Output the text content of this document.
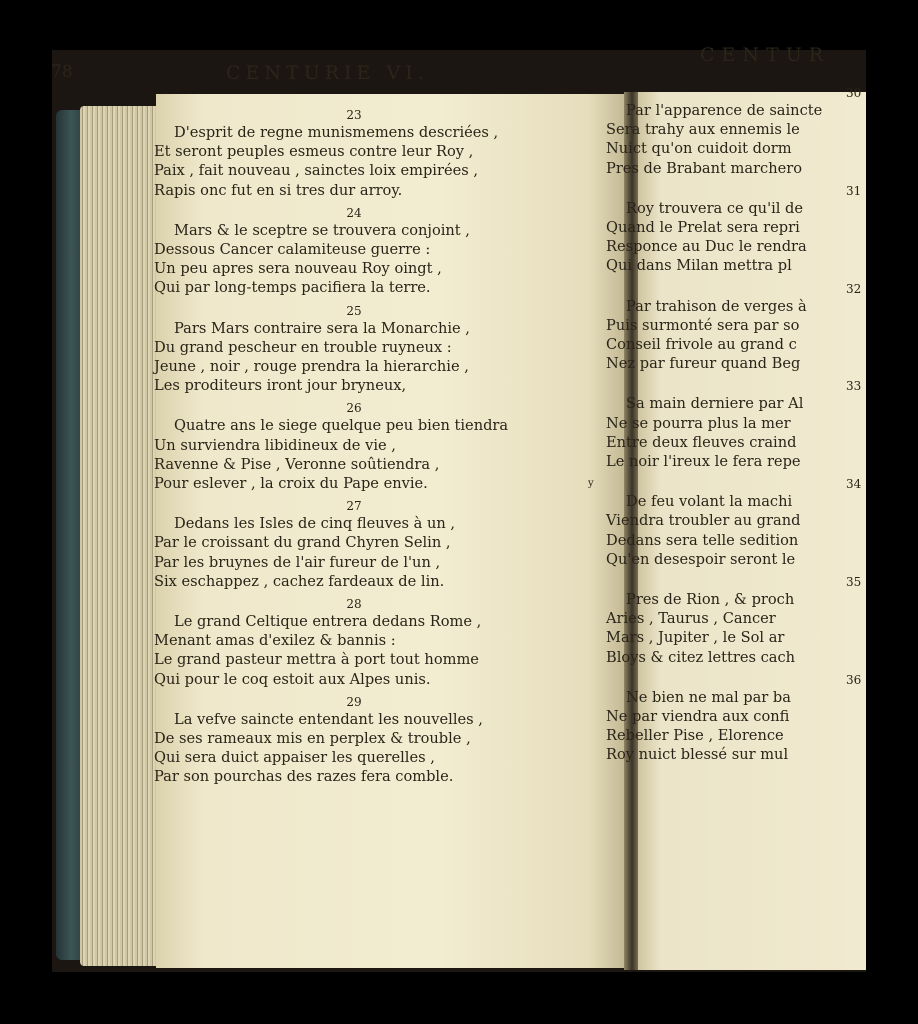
78	CENTURIE VI.
CENTUR
23
D'esprit de regne munismemens descriées ,
Et seront peuples esmeus contre leur Roy ,
Paix , fait nouveau , sainctes loix empirées ,
Rapis onc fut en si tres dur arroy.
24
Mars & le sceptre se trouvera conjoint ,
Dessous Cancer calamiteuse guerre :
Un peu apres sera nouveau Roy oingt ,
Qui par long-temps pacifiera la terre.
25
Pars Mars contraire sera la Monarchie ,
Du grand pescheur en trouble ruyneux :
Jeune , noir , rouge prendra la hierarchie ,
Les proditeurs iront jour bryneux,
26
Quatre ans le siege quelque peu bien tiendra
Un surviendra libidineux de vie ,
Ravenne & Pise , Veronne soûtiendra ,
Pour eslever , la croix du Pape envie.
27
Dedans les Isles de cinq fleuves à un ,
Par le croissant du grand Chyren Selin ,
Par les bruynes de l'air fureur de l'un ,
Six eschappez , cachez fardeaux de lin.
28
Le grand Celtique entrera dedans Rome ,
Menant amas d'exilez & bannis :
Le grand pasteur mettra à port tout homme
Qui pour le coq estoit aux Alpes unis.
29
La vefve saincte entendant les nouvelles ,
De ses rameaux mis en perplex & trouble ,
Qui sera duict appaiser les querelles ,
Par son pourchas des razes fera comble.
30
Par l'apparence de saincte
Sera trahy aux ennemis le
Nuict qu'on cuidoit dorm
Pres de Brabant marchero
31
Roy trouvera ce qu'il de
Quand le Prelat sera repri
Responce au Duc le rendra
Qui dans Milan mettra pl
32
Par trahison de verges à
Puis surmonté sera par so
Conseil frivole au grand c
Nez par fureur quand Beg
33
Sa main derniere par Al
Ne se pourra plus la mer
Entre deux fleuves craind
Le noir l'ireux le fera repe
34
De feu volant la machi
Viendra troubler au grand
Dedans sera telle sedition
Qu'en desespoir seront le
35
Pres de Rion , & proch
Aries , Taurus , Cancer
Mars , Jupiter , le Sol ar
Bloys & citez lettres cach
36
Ne bien ne mal par ba
Ne par viendra aux confi
Rebeller Pise , Elorence
Roy nuict blessé sur mul
y
